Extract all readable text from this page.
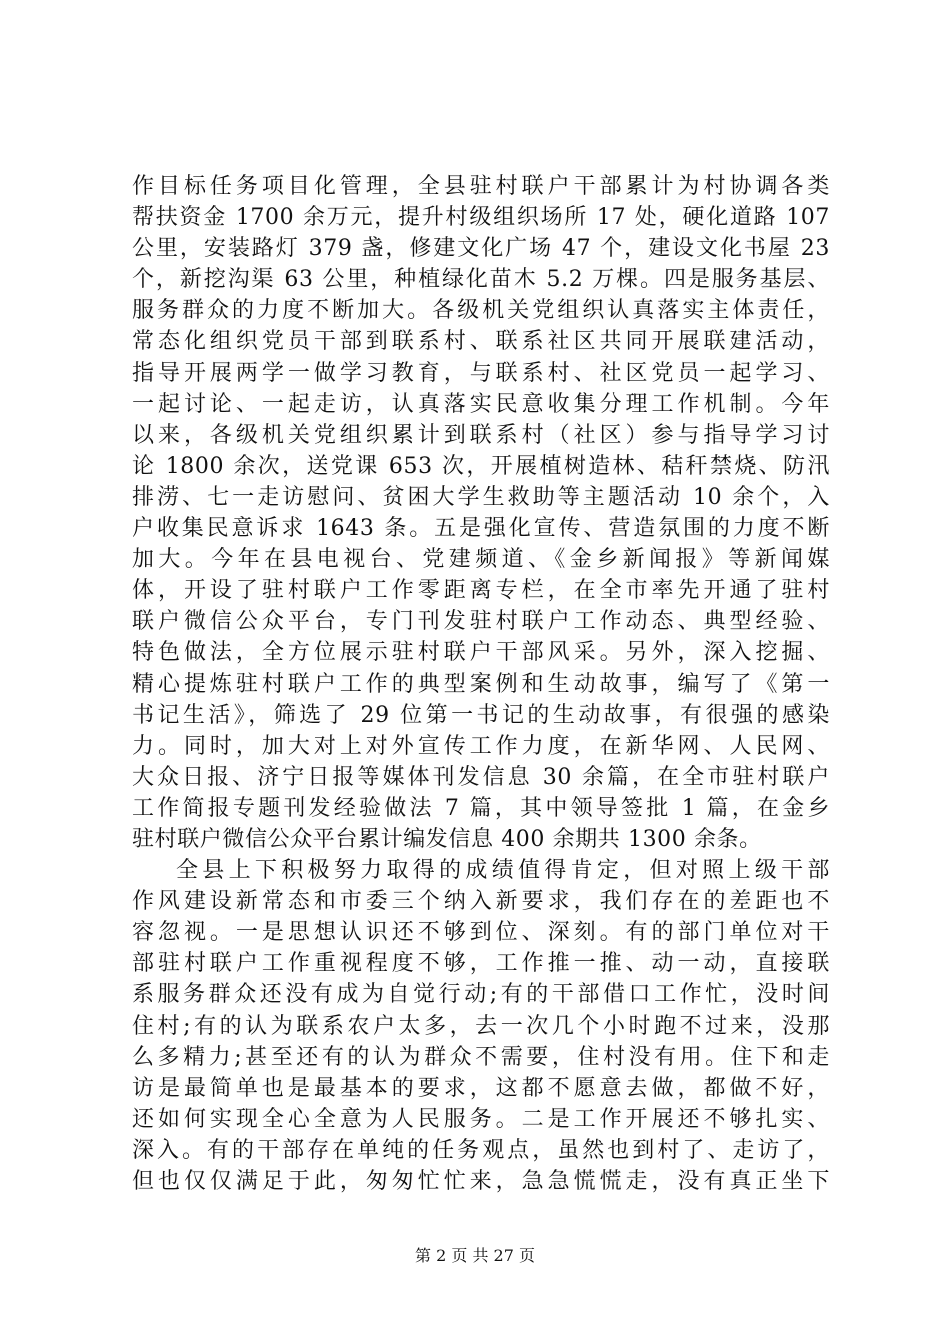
作目标任务项目化管理，全县驻村联户干部累计为村协调各类
帮扶资金 1700 余万元，提升村级组织场所 17 处，硬化道路 107
公里，安装路灯 379 盏，修建文化广场 47 个，建设文化书屋 23
个，新挖沟渠 63 公里，种植绿化苗木 5.2 万棵。四是服务基层、
服务群众的力度不断加大。各级机关党组织认真落实主体责任，
常态化组织党员干部到联系村、联系社区共同开展联建活动，
指导开展两学一做学习教育，与联系村、社区党员一起学习、
一起讨论、一起走访，认真落实民意收集分理工作机制。今年
以来，各级机关党组织累计到联系村（社区）参与指导学习讨
论 1800 余次，送党课 653 次，开展植树造林、秸秆禁烧、防汛
排涝、七一走访慰问、贫困大学生救助等主题活动 10 余个，入
户收集民意诉求 1643 条。五是强化宣传、营造氛围的力度不断
加大。今年在县电视台、党建频道、《金乡新闻报》等新闻媒
体，开设了驻村联户工作零距离专栏，在全市率先开通了驻村
联户微信公众平台，专门刊发驻村联户工作动态、典型经验、
特色做法，全方位展示驻村联户干部风采。另外，深入挖掘、
精心提炼驻村联户工作的典型案例和生动故事，编写了《第一
书记生活》，筛选了 29 位第一书记的生动故事，有很强的感染
力。同时，加大对上对外宣传工作力度，在新华网、人民网、
大众日报、济宁日报等媒体刊发信息 30 余篇，在全市驻村联户
工作简报专题刊发经验做法 7 篇，其中领导签批 1 篇，在金乡
驻村联户微信公众平台累计编发信息 400 余期共 1300 余条。
全县上下积极努力取得的成绩值得肯定，但对照上级干部
作风建设新常态和市委三个纳入新要求，我们存在的差距也不
容忽视。一是思想认识还不够到位、深刻。有的部门单位对干
部驻村联户工作重视程度不够，工作推一推、动一动，直接联
系服务群众还没有成为自觉行动;有的干部借口工作忙，没时间
住村;有的认为联系农户太多，去一次几个小时跑不过来，没那
么多精力;甚至还有的认为群众不需要，住村没有用。住下和走
访是最简单也是最基本的要求，这都不愿意去做，都做不好，
还如何实现全心全意为人民服务。二是工作开展还不够扎实、
深入。有的干部存在单纯的任务观点，虽然也到村了、走访了，
但也仅仅满足于此，匆匆忙忙来，急急慌慌走，没有真正坐下
第 2 页 共 27 页
